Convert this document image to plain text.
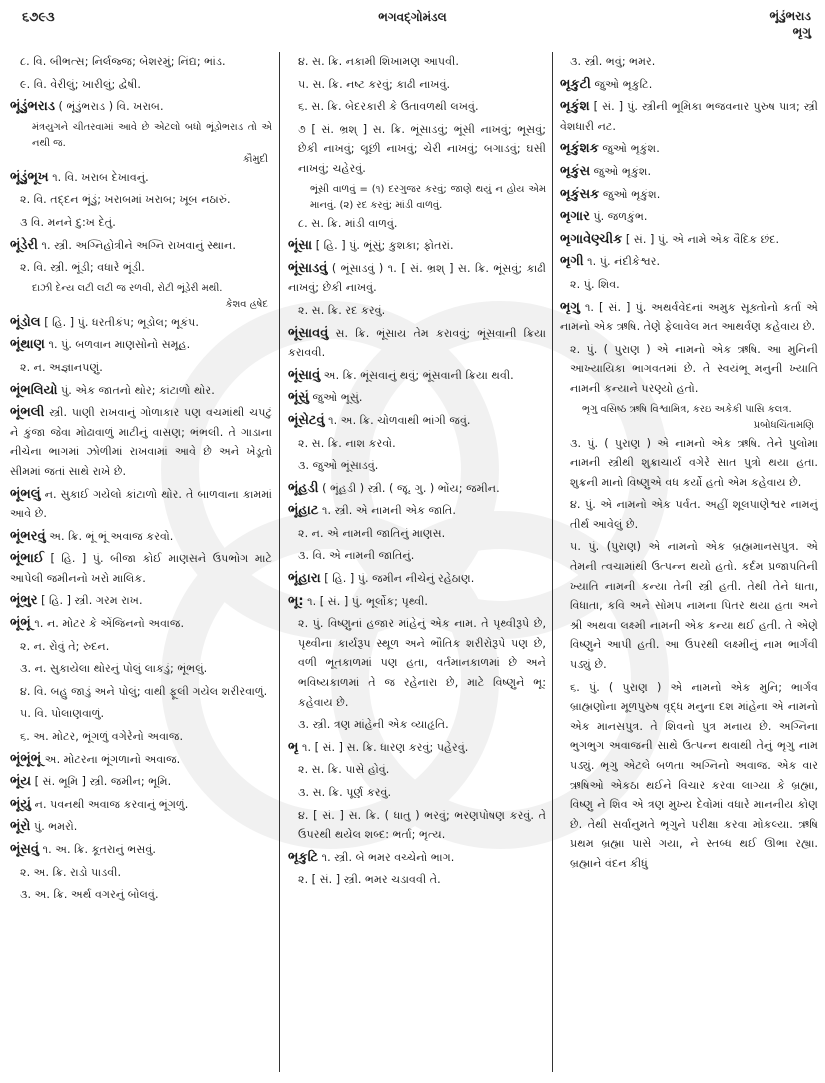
૬૭૯૩	ભગવદ્ગોમંડલ	ભૂંડુંભરાડ
ભૃગુ
૮. વિ. બીભત્સ; નિર્લજ્જ; બેશરમું; નિંદ્ય; ભાંડ.
૯. વિ. વેરીલું; ખારીલું; દ્વેષી.
ભૂંડુંભરાડ ( ભૂંડુંભરાડ ) વિ. ખરાબ.
મંત્રયુગને ચીતરવામાં આવે છે એટલો બધો ભૂંડોભરાડ તો એ નથી જ.
કૌમુદી
ભૂંડુંભૂખ ૧. વિ. ખરાબ દેખાવનું.
૨. વિ. તદ્દન ભૂંડું; ખરાબમાં ખરાબ; ખૂબ નઠારું.
૩ વિ. મનને દુ:ખ દેતું.
ભૂંડેરી ૧. સ્ત્રી. અગ્નિહોત્રીને અગ્નિ રાખવાનું સ્થાન.
૨. વિ. સ્ત્રી. ભૂંડી; વધારે ભૂંડી.
દાઝી દેન્ય લટી લટી જ રળવી, રોટી ભૂંડેરી મથી.
કેશવ હ્રષેદ
ભૂંડોલ [ હિ. ] પું. ધરતીકંપ; ભૂડોલ; ભૂકંપ.
ભૂંથાણ ૧. પું. બળવાન માણસોનો સમૂહ.
૨. ન. અજ્ઞાનપણું.
ભૂંભલિયો પું. એક જાતનો થોર; કાંટાળો થોર.
ભૂંભલી સ્ત્રી. પાણી રાખવાનું ગોળાકાર પણ વચમાંથી ચપટું ને કુંજા જેવા મોઢાવાળું માટીનું વાસણ; ભંભલી. તે ગાડાના નીચેના ભાગમાં ઝોળીમાં રાખવામાં આવે છે અને ખેડૂતો સીમમાં જતાં સાથે રાખે છે.
ભૂંભલું ન. સુકાઈ ગયેલો કાંટાળો થોર. તે બાળવાના કામમાં આવે છે.
ભૂંભરવું અ. ક્રિ. ભૂં ભૂં અવાજ કરવો.
ભૂંભાઈ [ હિ. ] પું. બીજા કોઈ માણસને ઉપભોગ માટે આપેલી જમીનનો ખરો માલિક.
ભૂંભુર [ હિ. ] સ્ત્રી. ગરમ રાખ.
ભૂંભૂં ૧. ન. મોટર કે એંજિનનો અવાજ.
૨. ન. રોવું તે; રુદન.
૩. ન. સુકાયેલા થોરનું પોલું લાકડું; ભૂંભલું.
૪. વિ. બહુ જાડું અને પોલું; વાથી ફૂલી ગયેલ શરીરવાળું.
૫. વિ. પોલાણવાળું.
૬. અ. મોટર, ભૂંગળું વગેરેનો અવાજ.
ભૂંભૂંભૂં અ. મોટરના ભૂંગળાનો અવાજ.
ભૂંય [ સં. ભૂમિ ] સ્ત્રી. જમીન; ભૂમિ.
ભૂંયું ન. પવનથી અવાજ કરવાનું ભૂંગળું.
ભૂંરો પું. ભમરો.
ભૂંસવું ૧. અ. ક્રિ. કૂતરાનું ભસવું.
૨. અ. ક્રિ. રાડો પાડવી.
૩. અ. ક્રિ. અર્થ વગરનું બોલવું.
૪. સ. ક્રિ. નકામી શિખામણ આપવી.
૫. સ. ક્રિ. નષ્ટ કરવું; કાઢી નાખવું.
૬. સ. ક્રિ. બેદરકારી કે ઉતાવળથી લખવું.
૭ [ સં. ભ્રશ્ ] સ. ક્રિ. ભૂંસાડવું; ભૂંસી નાખવું; ભૂસવું; છેકી નાખવું; લૂછી નાખવું; ચેરી નાખવું; બગાડવું; ઘસી નાખવું; ચહેરવું.
ભૂંસી વાળવું = (૧) દરગુજર કરવું; જાણે થયું ન હોય એમ માનવું. (૨) રદ કરવું; માંડી વાળવું.
૮. સ. ક્રિ. માંડી વાળવું.
ભૂંસા [ હિ. ] પું. ભૂંસું; કુશકા; ફોતરાં.
ભૂંસાડવું ( ભૂંસાડવું ) ૧. [ સં. ભ્રશ્ ] સ. ક્રિ. ભૂંસવું; કાઢી નાખવું; છેકી નાખવું.
૨. સ. ક્રિ. રદ કરવું.
ભૂંસાવવું સ. ક્રિ. ભૂંસાય તેમ કરાવવું; ભૂંસવાની ક્રિયા કરાવવી.
ભૂંસાવું અ. ક્રિ. ભૂંસવાનું થવું; ભૂંસવાની ક્રિયા થવી.
ભૂંસું જુઓ ભૂસું.
ભૂંસેટવું ૧. અ. ક્રિ. ચોળવાથી ભાંગી જવું.
૨. સ. ક્રિ. નાશ કરવો.
૩. જુઓ ભૂંસાડવું.
ભૂંહડી ( ભૂંહડી ) સ્ત્રી. ( જૂ. ગુ. ) ભોંય; જમીન.
ભૂંહાટ ૧. સ્ત્રી. એ નામની એક જાતિ.
૨. ન. એ નામની જાતિનું માણસ.
૩. વિ. એ નામની જાતિનું.
ભૂંહારા [ હિ. ] પું. જમીન નીચેનું રહેઠાણ.
ભૂ: ૧. [ સં. ] પું. ભૂર્લોક; પૃથ્વી.
૨. પું. વિષ્ણુનાં હજાર માંહેનું એક નામ. તે પૃથ્વીરૂપે છે, પૃથ્વીના કાર્યરૂપ સ્થૂળ અને ભૌતિક શરીરોરૂપે પણ છે, વળી ભૂતકાળમાં પણ હતા, વર્તમાનકાળમાં છે અને ભવિષ્યકાળમાં તે જ રહેનારા છે, માટે વિષ્ણુને ભૂ: કહેવાય છે.
૩. સ્ત્રી. ત્રણ માંહેની એક વ્યાહૃતિ.
ભૃ ૧. [ સં. ] સ. ક્રિ. ધારણ કરવું; પહેરવું.
૨. સ. ક્રિ. પાસે હોવું.
૩. સ. ક્રિ. પૂર્ણ કરવું.
૪. [ સં. ] સ. ક્રિ. ( ધાતુ ) ભરવું; ભરણપોષણ કરવું. તે ઉપરથી થયેલ શબ્દ: ભર્તા; ભૃત્ય.
ભૃકુટિ ૧. સ્ત્રી. બે ભમર વચ્ચેનો ભાગ.
૨. [ સં. ] સ્ત્રી. ભમર ચડાવવી તે.
૩. સ્ત્રી. ભવું; ભમર.
ભૃકુટી જુઓ ભૃકુટિ.
ભૃકુંશ [ સં. ] પું. સ્ત્રીની ભૂમિકા ભજવનાર પુરુષ પાત્ર; સ્ત્રી વેશધારી નટ.
ભૃકુંશક જુઓ ભૃકુંશ.
ભૃકુંસ જુઓ ભૃકુંશ.
ભૃકુંસક જુઓ ભૃકુંશ.
ભૃગાર પું. જળકુંભ.
ભૃગાવેણ્ચીક [ સં. ] પું. એ નામે એક વૈદિક છંદ.
ભૃગી ૧. પું. નંદીકેશ્વર.
૨. પું. શિવ.
ભૃગુ ૧. [ સં. ] પું. અથર્વવેદનાં અમુક સૂક્તોનો કર્તા એ નામનો એક ઋષિ. તેણે ફેલાવેલ મત આથર્વણ કહેવાય છે.
૨. પું. ( પુરાણ ) એ નામનો એક ઋષિ. આ મુનિની આખ્યાયિકા ભાગવતમાં છે. તે સ્વયંભૂ મનુની ખ્યાતિ નામની કન્યાને પરણ્યો હતો.
ભૃગુ વસિષ્ઠ ઋષિ વિશ્વામિત્ર, કરઇ અકેકી પાસિ કલત્ર.
પ્રબોધચિંતામણિ
૩. પું. ( પુરાણ ) એ નામનો એક ઋષિ. તેને પુલોમા નામની સ્ત્રીથી શુક્રાચાર્ય વગેરે સાત પુત્રો થયા હતા. શુક્રની માનો વિષ્ણુએ વધ કર્યો હતો એમ કહેવાય છે.
૪. પું. એ નામનો એક પર્વત. અહીં શૂલપાણેશ્વર નામનું તીર્થ આવેલું છે.
૫. પું. (પુરાણ) એ નામનો એક બ્રહ્મમાનસપુત્ર. એ તેમની ત્વચામાંથી ઉત્પન્ન થયો હતો. કર્દમ પ્રજાપતિની ખ્યાતિ નામની કન્યા તેની સ્ત્રી હતી. તેથી તેને ધાતા, વિધાતા, કવિ અને સોમપ નામના પિતર થયા હતા અને શ્રી અથવા લક્ષ્મી નામની એક કન્યા થઈ હતી. તે એણે વિષ્ણુને આપી હતી. આ ઉપરથી લક્ષ્મીનું નામ ભાર્ગવી પડ્યું છે.
૬. પું. ( પુરાણ ) એ નામનો એક મુનિ; ભાર્ગવ બ્રાહ્મણોના મૂળપુરુષ વૃદ્ધ મનુના દશ માંહેના એ નામનો એક માનસપુત્ર. તે શિવનો પુત્ર મનાય છે. અગ્નિના ભુગભુગ અવાજની સાથે ઉત્પન્ન થવાથી તેનું ભૃગુ નામ પડ્યું. ભૃગુ એટલે બળતા અગ્નિનો અવાજ. એક વાર ઋષિઓ એકઠા થઈને વિચાર કરવા લાગ્યા કે બ્રહ્મા, વિષ્ણુ ને શિવ એ ત્રણ મુખ્ય દેવોમાં વધારે માનનીય કોણ છે. તેથી સર્વાનુમતે ભૃગુને પરીક્ષા કરવા મોકલ્યા. ઋષિ પ્રથમ બ્રહ્મા પાસે ગયા, ને સ્તબ્ધ થઈ ઊભા રહ્યા. બ્રહ્માને વંદન કીધું
